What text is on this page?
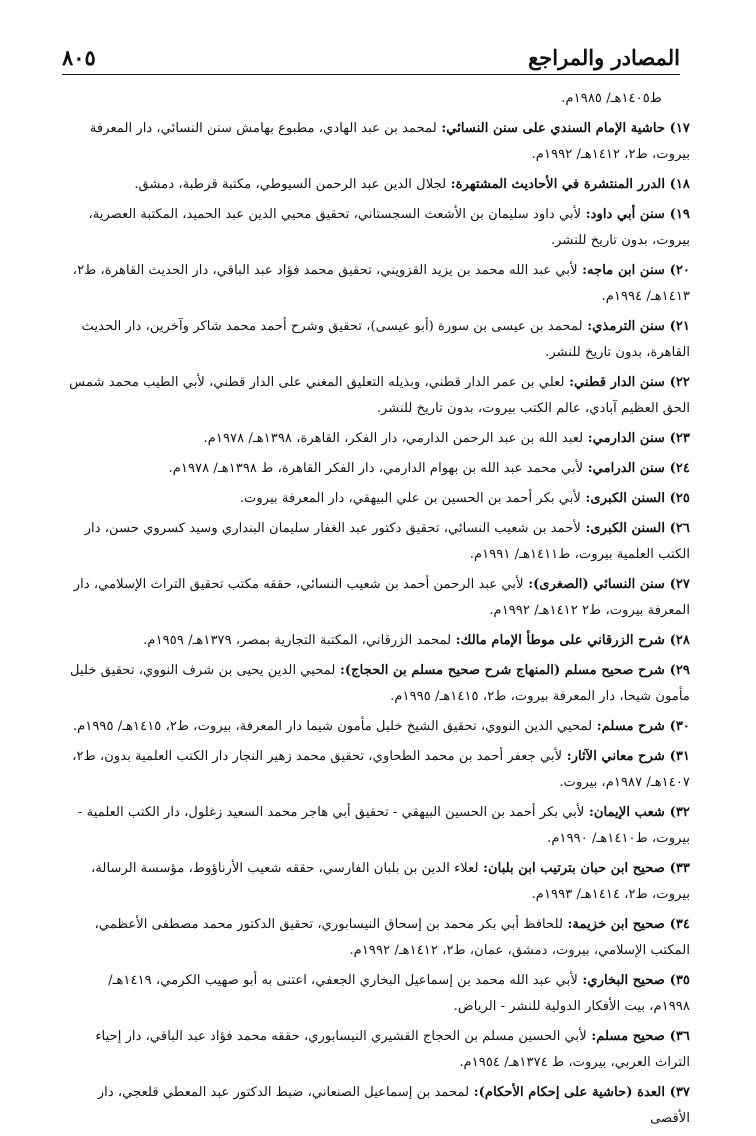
المصادر والمراجع
٨٠٥
ط١٤٠٥هـ/ ١٩٨٥م.
١٧) حاشية الإمام السندي على سنن النسائي: لمحمد بن عبد الهادي، مطبوع بهامش سنن النسائي، دار المعرفة بيروت، ط٢، ١٤١٢هـ/ ١٩٩٢م.
١٨) الدرر المنتشرة في الأحاديث المشتهرة: لجلال الدين عبد الرحمن السيوطي، مكتبة قرطبة، دمشق.
١٩) سنن أبي داود: لأبي داود سليمان بن الأشعث السجستاني، تحقيق محيي الدين عبد الحميد، المكتبة العصرية، بيروت، بدون تاريخ للنشر.
٢٠) سنن ابن ماجه: لأبي عبد الله محمد بن يزيد القزويني، تحقيق محمد فؤاد عبد الباقي، دار الحديث القاهرة، ط٢، ١٤١٣هـ/ ١٩٩٤م.
٢١) سنن الترمذي: لمحمد بن عيسى بن سورة (أبو عيسى)، تحقيق وشرح أحمد محمد شاكر وآخرين، دار الحديث القاهرة، بدون تاريخ للنشر.
٢٢) سنن الدار قطني: لعلي بن عمر الدار قطني، وبذيله التعليق المغني على الدار قطني، لأبي الطيب محمد شمس الحق العظيم آبادي، عالم الكتب بيروت، بدون تاريخ للنشر.
٢٣) سنن الدارمي: لعبد الله بن عبد الرحمن الدارمي، دار الفكر، القاهرة، ١٣٩٨هـ/ ١٩٧٨م.
٢٤) سنن الدرامي: لأبي محمد عبد الله بن بهوام الدارمي، دار الفكر القاهرة، ط ١٣٩٨هـ/ ١٩٧٨م.
٢٥) السنن الكبرى: لأبي بكر أحمد بن الحسين بن علي البيهقي، دار المعرفة بيروت.
٢٦) السنن الكبرى: لأحمد بن شعيب النسائي، تحقيق دكتور عبد الغفار سليمان البنداري وسيد كسروي حسن، دار الكتب العلمية بيروت، ط١٤١١هـ/ ١٩٩١م.
٢٧) سنن النسائي (الصغرى): لأبي عبد الرحمن أحمد بن شعيب النسائي، حققه مكتب تحقيق التراث الإسلامي، دار المعرفة بيروت، ط٢ ١٤١٢هـ/ ١٩٩٢م.
٢٨) شرح الزرقاني على موطأ الإمام مالك: لمحمد الزرقاني، المكتبة التجارية بمصر، ١٣٧٩هـ/ ١٩٥٩م.
٢٩) شرح صحيح مسلم (المنهاج شرح صحيح مسلم بن الحجاج): لمحيي الدين يحيى بن شرف النووي، تحقيق خليل مأمون شيحا، دار المعرفة بيروت، ط٢، ١٤١٥هـ/ ١٩٩٥م.
٣٠) شرح مسلم: لمحيي الدين النووي، تحقيق الشيخ خليل مأمون شيما دار المعرفة، بيروت، ط٢، ١٤١٥هـ/ ١٩٩٥م.
٣١) شرح معاني الآثار: لأبي جعفر أحمد بن محمد الطحاوي، تحقيق محمد زهير النجار دار الكتب العلمية بدون، ط٢، ١٤٠٧هـ/ ١٩٨٧م، بيروت.
٣٢) شعب الإيمان: لأبي بكر أحمد بن الحسين البيهقي - تحقيق أبي هاجر محمد السعيد زغلول، دار الكتب العلمية - بيروت، ط١٤١٠هـ/ ١٩٩٠م.
٣٣) صحيح ابن حبان بترتيب ابن بلبان: لعلاء الدين بن بلبان الفارسي، حققه شعيب الأرناؤوط، مؤسسة الرسالة، بيروت، ط٢، ١٤١٤هـ/ ١٩٩٣م.
٣٤) صحيح ابن خزيمة: للحافظ أبي بكر محمد بن إسحاق النيسابوري، تحقيق الدكتور محمد مصطفى الأعظمي، المكتب الإسلامي، بيروت، دمشق، عمان، ط٢، ١٤١٢هـ/ ١٩٩٢م.
٣٥) صحيح البخاري: لأبي عبد الله محمد بن إسماعيل البخاري الجعفي، اعتنى به أبو صهيب الكرمي، ١٤١٩هـ/ ١٩٩٨م، بيت الأفكار الدولية للنشر - الرياض.
٣٦) صحيح مسلم: لأبي الحسين مسلم بن الحجاج القشيري النيسابوري، حققه محمد فؤاد عبد الباقي، دار إحياء التراث العربي، بيروت، ط ١٣٧٤هـ/ ١٩٥٤م.
٣٧) العدة (حاشية على إحكام الأحكام): لمحمد بن إسماعيل الصنعاني، ضبط الدكتور عبد المعطي قلعجي، دار الأقصى
